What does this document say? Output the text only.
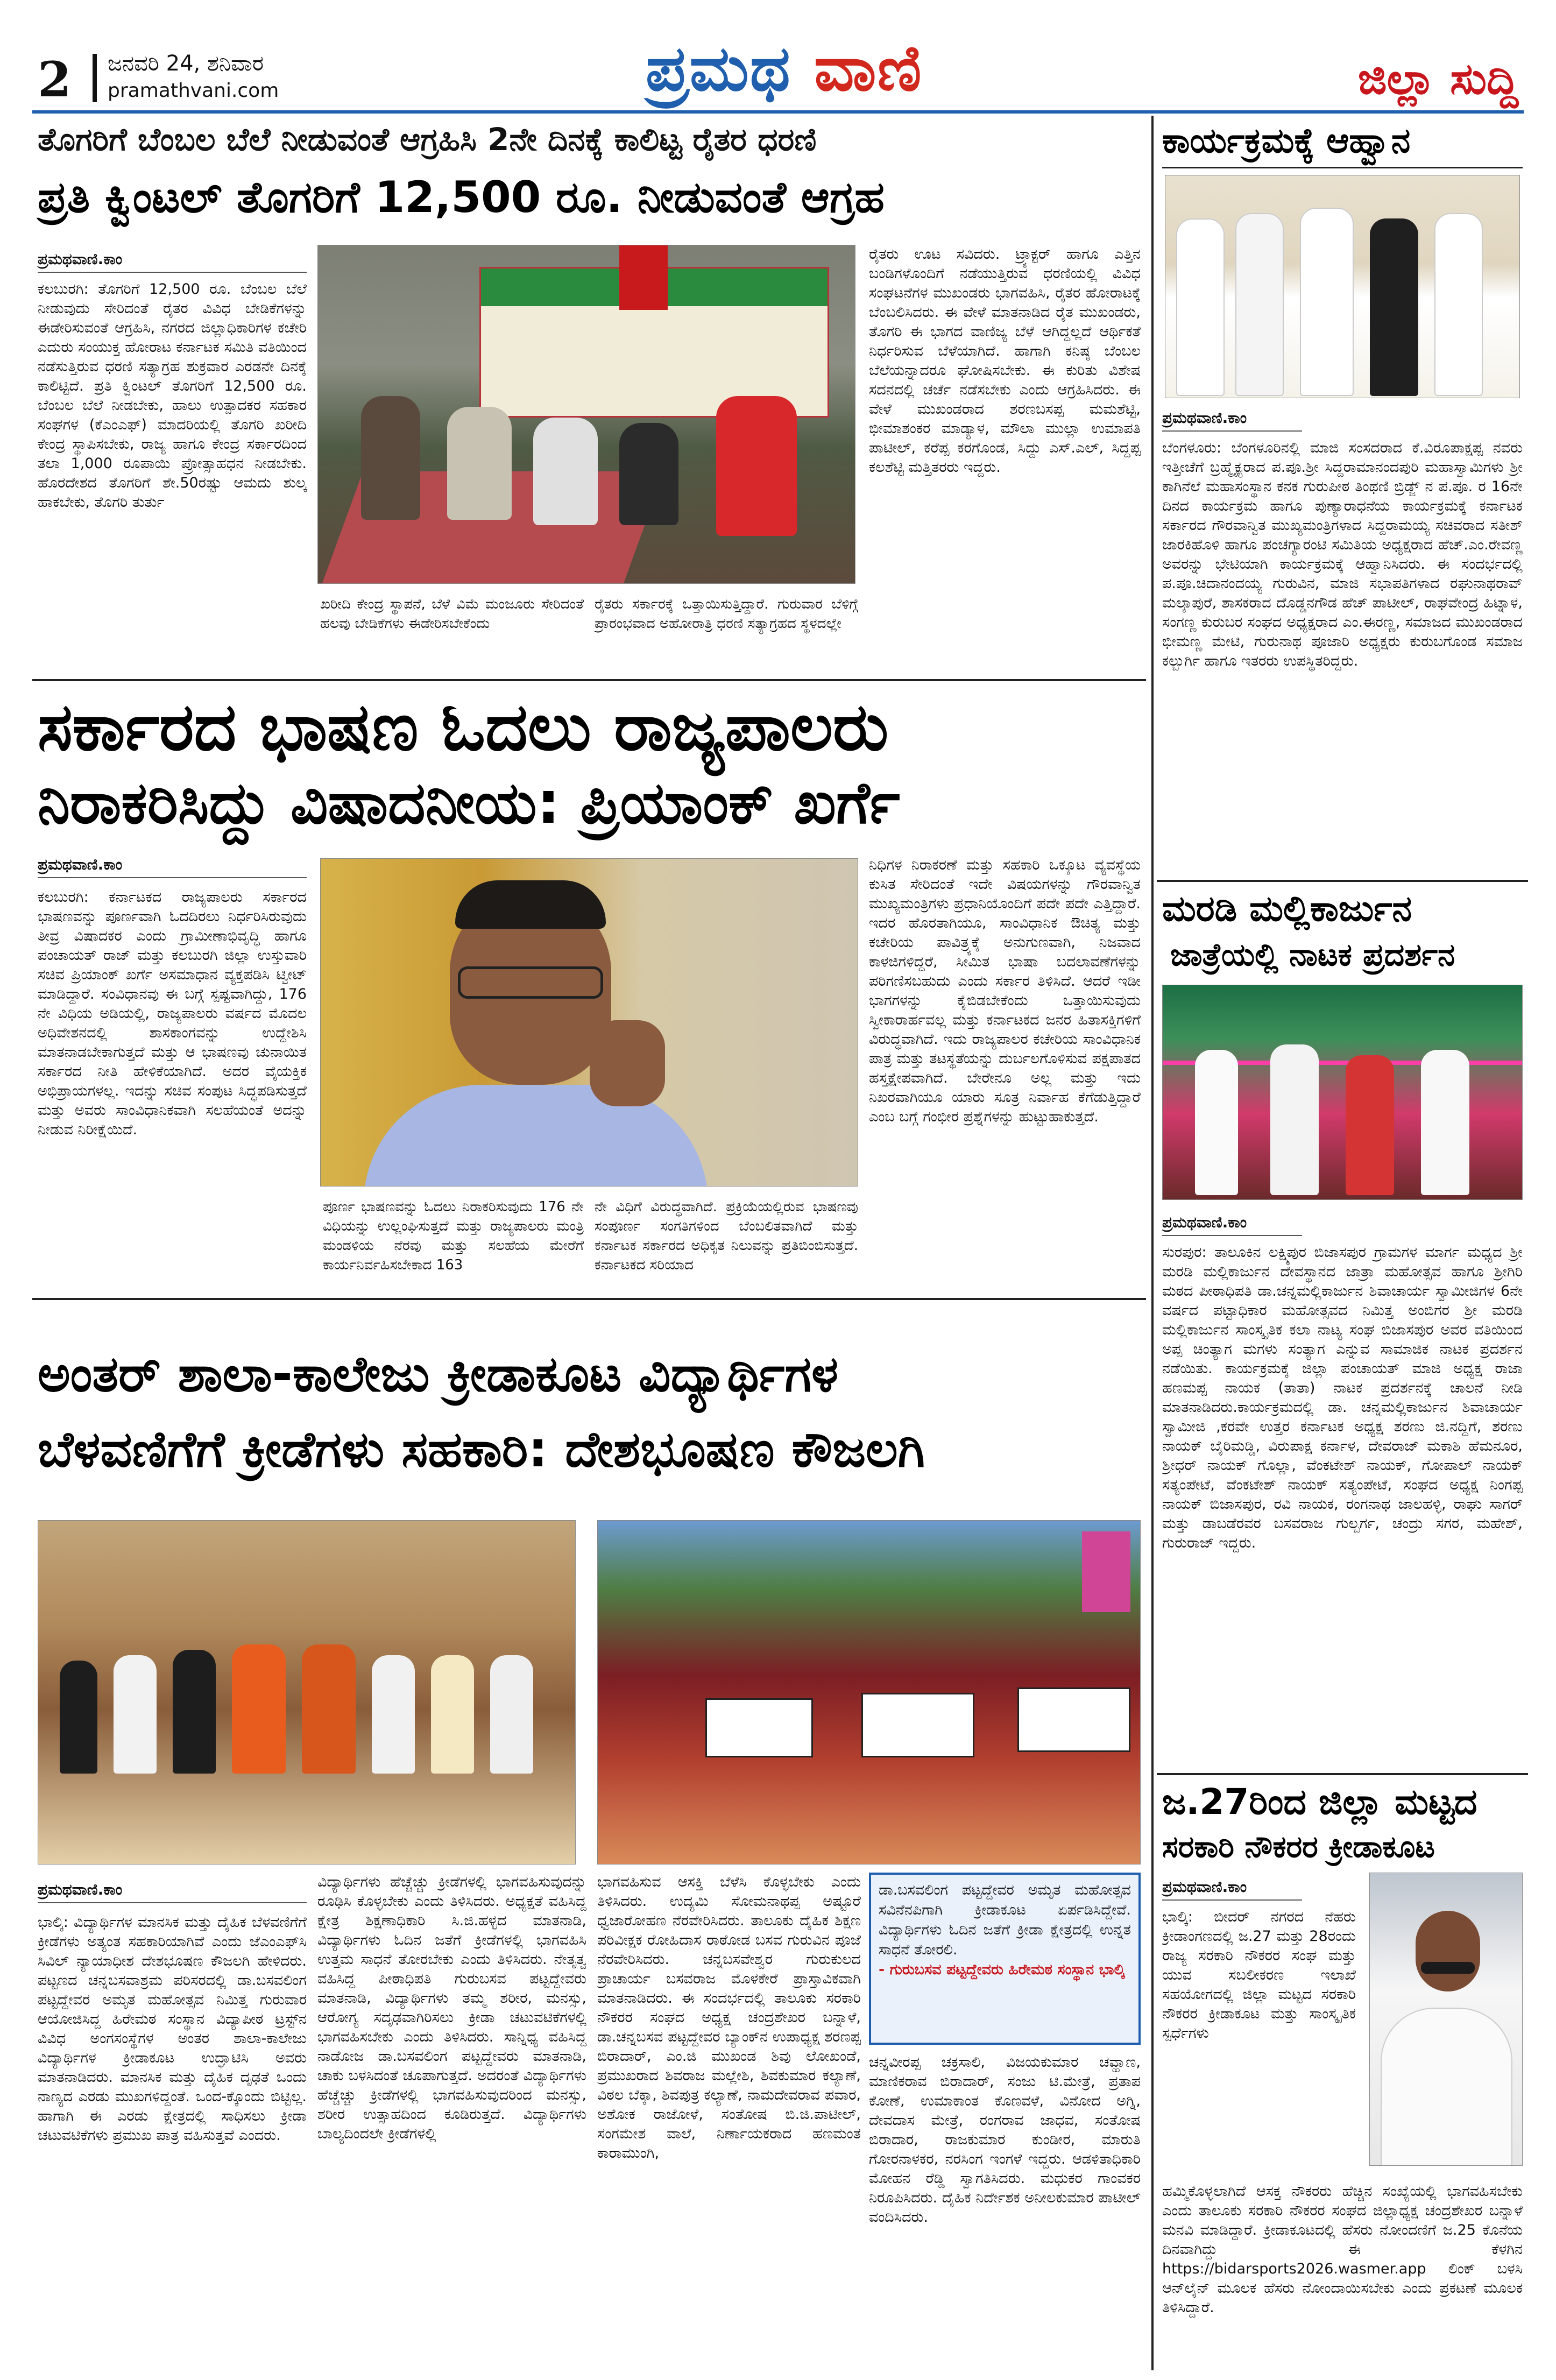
2 ಜನವರಿ 24, ಶನಿವಾರ
pramathvani.com	ಪ್ರಮಥ ವಾಣಿ	ಜಿಲ್ಲಾ ಸುದ್ದಿ
ತೊಗರಿಗೆ ಬೆಂಬಲ ಬೆಲೆ ನೀಡುವಂತೆ ಆಗ್ರಹಿಸಿ 2ನೇ ದಿನಕ್ಕೆ ಕಾಲಿಟ್ಟ ರೈತರ ಧರಣಿ
ಪ್ರತಿ ಕ್ವಿಂಟಲ್ ತೊಗರಿಗೆ 12,500 ರೂ. ನೀಡುವಂತೆ ಆಗ್ರಹ
ಪ್ರಮಥವಾಣಿ.ಕಾಂ
ಕಲಬುರಗಿ: ತೊಗರಿಗೆ 12,500 ರೂ. ಬೆಂಬಲ ಬೆಲೆ ನೀಡುವುದು ಸೇರಿದಂತೆ ರೈತರ ವಿವಿಧ ಬೇಡಿಕೆಗಳನ್ನು ಈಡೇರಿಸುವಂತೆ ಆಗ್ರಹಿಸಿ, ನಗರದ ಜಿಲ್ಲಾಧಿಕಾರಿಗಳ ಕಚೇರಿ ಎದುರು ಸಂಯುಕ್ತ ಹೋರಾಟ ಕರ್ನಾಟಕ ಸಮಿತಿ ವತಿಯಿಂದ ನಡೆಸುತ್ತಿರುವ ಧರಣಿ ಸತ್ಯಾಗ್ರಹ ಶುಕ್ರವಾರ ಎರಡನೇ ದಿನಕ್ಕೆ ಕಾಲಿಟ್ಟಿದೆ. ಪ್ರತಿ ಕ್ವಿಂಟಲ್ ತೊಗರಿಗೆ 12,500 ರೂ. ಬೆಂಬಲ ಬೆಲೆ ನೀಡಬೇಕು, ಹಾಲು ಉತ್ಪಾದಕರ ಸಹಕಾರ ಸಂಘಗಳ (ಕೆಎಂಎಫ್) ಮಾದರಿಯಲ್ಲಿ ತೊಗರಿ ಖರೀದಿ ಕೇಂದ್ರ ಸ್ಥಾಪಿಸಬೇಕು, ರಾಜ್ಯ ಹಾಗೂ ಕೇಂದ್ರ ಸರ್ಕಾರದಿಂದ ತಲಾ 1,000 ರೂಪಾಯಿ ಪ್ರೋತ್ಸಾಹಧನ ನೀಡಬೇಕು. ಹೊರದೇಶದ ತೊಗರಿಗೆ ಶೇ.50ರಷ್ಟು ಆಮದು ಶುಲ್ಕ ಹಾಕಬೇಕು, ತೊಗರಿ ತುರ್ತು
ಖರೀದಿ ಕೇಂದ್ರ ಸ್ಥಾಪನೆ, ಬೆಳೆ ವಿಮೆ ಮಂಜೂರು ಸೇರಿದಂತೆ ಹಲವು ಬೇಡಿಕೆಗಳು ಈಡೇರಿಸಬೇಕೆಂದು
ರೈತರು ಸರ್ಕಾರಕ್ಕೆ ಒತ್ತಾಯಿಸುತ್ತಿದ್ದಾರೆ. ಗುರುವಾರ ಬೆಳಿಗ್ಗೆ ಪ್ರಾರಂಭವಾದ ಅಹೋರಾತ್ರಿ ಧರಣಿ ಸತ್ಯಾಗ್ರಹದ ಸ್ಥಳದಲ್ಲೇ
ರೈತರು ಊಟ ಸವಿದರು. ಟ್ರ್ಯಾಕ್ಟರ್ ಹಾಗೂ ಎತ್ತಿನ ಬಂಡಿಗಳೊಂದಿಗೆ ನಡೆಯುತ್ತಿರುವ ಧರಣಿಯಲ್ಲಿ ವಿವಿಧ ಸಂಘಟನೆಗಳ ಮುಖಂಡರು ಭಾಗವಹಿಸಿ, ರೈತರ ಹೋರಾಟಕ್ಕೆ ಬೆಂಬಲಿಸಿದರು. ಈ ವೇಳೆ ಮಾತನಾಡಿದ ರೈತ ಮುಖಂಡರು, ತೊಗರಿ ಈ ಭಾಗದ ವಾಣಿಜ್ಯ ಬೆಳೆ ಆಗಿದ್ದಲ್ಲದೆ ಆರ್ಥಿಕತೆ ನಿರ್ಧರಿಸುವ ಬೆಳೆಯಾಗಿದೆ. ಹಾಗಾಗಿ ಕನಿಷ್ಠ ಬೆಂಬಲ ಬೆಲೆಯನ್ನಾದರೂ ಘೋಷಿಸಬೇಕು. ಈ ಕುರಿತು ವಿಶೇಷ ಸದನದಲ್ಲಿ ಚರ್ಚೆ ನಡೆಸಬೇಕು ಎಂದು ಆಗ್ರಹಿಸಿದರು. ಈ ವೇಳೆ ಮುಖಂಡರಾದ ಶರಣಬಸಪ್ಪ ಮಮಶೆಟ್ಟಿ, ಭೀಮಾಶಂಕರ ಮಾಡ್ಯಾಳ, ಮೌಲಾ ಮುಲ್ಲಾ ಉಮಾಪತಿ ಪಾಟೀಲ್, ಕರೆಪ್ಪ ಕರಗೊಂಡ, ಸಿದ್ದು ಎಸ್.ಎಲ್, ಸಿದ್ದಪ್ಪ ಕಲಶೆಟ್ಟಿ ಮತ್ತಿತರರು ಇದ್ದರು.
ಸರ್ಕಾರದ ಭಾಷಣ ಓದಲು ರಾಜ್ಯಪಾಲರು
ನಿರಾಕರಿಸಿದ್ದು ವಿಷಾದನೀಯ: ಪ್ರಿಯಾಂಕ್ ಖರ್ಗೆ
ಪ್ರಮಥವಾಣಿ.ಕಾಂ
ಕಲಬುರಗಿ: ಕರ್ನಾಟಕದ ರಾಜ್ಯಪಾಲರು ಸರ್ಕಾರದ ಭಾಷಣವನ್ನು ಪೂರ್ಣವಾಗಿ ಓದದಿರಲು ನಿರ್ಧರಿಸಿರುವುದು ತೀವ್ರ ವಿಷಾದಕರ ಎಂದು ಗ್ರಾಮೀಣಾಭಿವೃದ್ಧಿ ಹಾಗೂ ಪಂಚಾಯತ್ ರಾಜ್ ಮತ್ತು ಕಲಬುರಗಿ ಜಿಲ್ಲಾ ಉಸ್ತುವಾರಿ ಸಚಿವ ಪ್ರಿಯಾಂಕ್ ಖರ್ಗೆ ಅಸಮಾಧಾನ ವ್ಯಕ್ತಪಡಿಸಿ ಟ್ವೀಟ್ ಮಾಡಿದ್ದಾರೆ. ಸಂವಿಧಾನವು ಈ ಬಗ್ಗೆ ಸ್ಪಷ್ಟವಾಗಿದ್ದು, 176 ನೇ ವಿಧಿಯ ಅಡಿಯಲ್ಲಿ, ರಾಜ್ಯಪಾಲರು ವರ್ಷದ ಮೊದಲ ಅಧಿವೇಶನದಲ್ಲಿ ಶಾಸಕಾಂಗವನ್ನು ಉದ್ದೇಶಿಸಿ ಮಾತನಾಡಬೇಕಾಗುತ್ತದೆ ಮತ್ತು ಆ ಭಾಷಣವು ಚುನಾಯಿತ ಸರ್ಕಾರದ ನೀತಿ ಹೇಳಿಕೆಯಾಗಿದೆ. ಅದರ ವೈಯಕ್ತಿಕ ಅಭಿಪ್ರಾಯಗಳಲ್ಲ. ಇದನ್ನು ಸಚಿವ ಸಂಪುಟ ಸಿದ್ಧಪಡಿಸುತ್ತದೆ ಮತ್ತು ಅವರು ಸಾಂವಿಧಾನಿಕವಾಗಿ ಸಲಹೆಯಂತೆ ಅದನ್ನು ನೀಡುವ ನಿರೀಕ್ಷೆಯಿದೆ.
ಪೂರ್ಣ ಭಾಷಣವನ್ನು ಓದಲು ನಿರಾಕರಿಸುವುದು 176 ನೇ ವಿಧಿಯನ್ನು ಉಲ್ಲಂಘಿಸುತ್ತದೆ ಮತ್ತು ರಾಜ್ಯಪಾಲರು ಮಂತ್ರಿ ಮಂಡಳಿಯ ನೆರವು ಮತ್ತು ಸಲಹೆಯ ಮೇರೆಗೆ ಕಾರ್ಯನಿರ್ವಹಿಸಬೇಕಾದ 163
ನೇ ವಿಧಿಗೆ ವಿರುದ್ಧವಾಗಿದೆ. ಪ್ರಕ್ರಿಯೆಯಲ್ಲಿರುವ ಭಾಷಣವು ಸಂಪೂರ್ಣ ಸಂಗತಿಗಳಿಂದ ಬೆಂಬಲಿತವಾಗಿದೆ ಮತ್ತು ಕರ್ನಾಟಕ ಸರ್ಕಾರದ ಅಧಿಕೃತ ನಿಲುವನ್ನು ಪ್ರತಿಬಿಂಬಿಸುತ್ತದೆ. ಕರ್ನಾಟಕದ ಸರಿಯಾದ
ನಿಧಿಗಳ ನಿರಾಕರಣೆ ಮತ್ತು ಸಹಕಾರಿ ಒಕ್ಕೂಟ ವ್ಯವಸ್ಥೆಯ ಕುಸಿತ ಸೇರಿದಂತೆ ಇದೇ ವಿಷಯಗಳನ್ನು ಗೌರವಾನ್ವಿತ ಮುಖ್ಯಮಂತ್ರಿಗಳು ಪ್ರಧಾನಿಯೊಂದಿಗೆ ಪದೇ ಪದೇ ಎತ್ತಿದ್ದಾರೆ. ಇದರ ಹೊರತಾಗಿಯೂ, ಸಾಂವಿಧಾನಿಕ ಔಚಿತ್ಯ ಮತ್ತು ಕಚೇರಿಯ ಪಾವಿತ್ರ್ಯಕ್ಕೆ ಅನುಗುಣವಾಗಿ, ನಿಜವಾದ ಕಾಳಜಿಗಳಿದ್ದರೆ, ಸೀಮಿತ ಭಾಷಾ ಬದಲಾವಣೆಗಳನ್ನು ಪರಿಗಣಿಸಬಹುದು ಎಂದು ಸರ್ಕಾರ ತಿಳಿಸಿದೆ. ಆದರೆ ಇಡೀ ಭಾಗಗಳನ್ನು ಕೈಬಿಡಬೇಕೆಂದು ಒತ್ತಾಯಿಸುವುದು ಸ್ವೀಕಾರಾರ್ಹವಲ್ಲ ಮತ್ತು ಕರ್ನಾಟಕದ ಜನರ ಹಿತಾಸಕ್ತಿಗಳಿಗೆ ವಿರುದ್ಧವಾಗಿದೆ. ಇದು ರಾಜ್ಯಪಾಲರ ಕಚೇರಿಯ ಸಾಂವಿಧಾನಿಕ ಪಾತ್ರ ಮತ್ತು ತಟಸ್ಥತೆಯನ್ನು ದುರ್ಬಲಗೊಳಿಸುವ ಪಕ್ಷಪಾತದ ಹಸ್ತಕ್ಷೇಪವಾಗಿದೆ. ಬೇರೇನೂ ಅಲ್ಲ ಮತ್ತು ಇದು ನಿಖರವಾಗಿಯೂ ಯಾರು ಸೂತ್ರ ನಿರ್ವಾಹ ಕೆಗೆಡುತ್ತಿದ್ದಾರೆ ಎಂಬ ಬಗ್ಗೆ ಗಂಭೀರ ಪ್ರಶ್ನೆಗಳನ್ನು ಹುಟ್ಟುಹಾಕುತ್ತದೆ.
ಅಂತರ್ ಶಾಲಾ-ಕಾಲೇಜು ಕ್ರೀಡಾಕೂಟ ವಿದ್ಯಾರ್ಥಿಗಳ
ಬೆಳವಣಿಗೆಗೆ ಕ್ರೀಡೆಗಳು ಸಹಕಾರಿ: ದೇಶಭೂಷಣ ಕೌಜಲಗಿ
ಪ್ರಮಥವಾಣಿ.ಕಾಂ
ಭಾಲ್ಕಿ: ವಿದ್ಯಾರ್ಥಿಗಳ ಮಾನಸಿಕ ಮತ್ತು ದೈಹಿಕ ಬೆಳವಣಿಗೆಗೆ ಕ್ರೀಡೆಗಳು ಅತ್ಯಂತ ಸಹಕಾರಿಯಾಗಿವೆ ಎಂದು ಜೆಎಂಎಫ್‌ಸಿ ಸಿವಿಲ್ ನ್ಯಾಯಾಧೀಶ ದೇಶಭೂಷಣ ಕೌಜಲಗಿ ಹೇಳಿದರು. ಪಟ್ಟಣದ ಚನ್ನಬಸವಾಶ್ರಮ ಪರಿಸರದಲ್ಲಿ ಡಾ.ಬಸವಲಿಂಗ ಪಟ್ಟದ್ದೇವರ ಅಮೃತ ಮಹೋತ್ಸವ ನಿಮಿತ್ತ ಗುರುವಾರ ಆಯೋಜಿಸಿದ್ದ ಹಿರೇಮಠ ಸಂಸ್ಥಾನ ವಿದ್ಯಾಪೀಠ ಟ್ರಸ್ಟ್‌ನ ವಿವಿಧ ಅಂಗಸಂಸ್ಥೆಗಳ ಅಂತರ ಶಾಲಾ-ಕಾಲೇಜು ವಿದ್ಯಾರ್ಥಿಗಳ ಕ್ರೀಡಾಕೂಟ ಉದ್ಘಾಟಿಸಿ ಅವರು ಮಾತನಾಡಿದರು. ಮಾನಸಿಕ ಮತ್ತು ದೈಹಿಕ ದೃಢತೆ ಒಂದು ನಾಣ್ಯದ ಎರಡು ಮುಖಗಳಿದ್ದಂತೆ. ಒಂದ-ಕ್ಕೊಂದು ಬಿಟ್ಟಿಲ್ಲ. ಹಾಗಾಗಿ ಈ ಎರಡು ಕ್ಷೇತ್ರದಲ್ಲಿ ಸಾಧಿಸಲು ಕ್ರೀಡಾ ಚಟುವಟಿಕೆಗಳು ಪ್ರಮುಖ ಪಾತ್ರ ವಹಿಸುತ್ತವೆ ಎಂದರು.
ವಿದ್ಯಾರ್ಥಿಗಳು ಹೆಚ್ಚೆಚ್ಚು ಕ್ರೀಡೆಗಳಲ್ಲಿ ಭಾಗವಹಿಸುವುದನ್ನು ರೂಢಿಸಿ ಕೊಳ್ಳಬೇಕು ಎಂದು ತಿಳಿಸಿದರು. ಅಧ್ಯಕ್ಷತೆ ವಹಿಸಿದ್ದ ಕ್ಷೇತ್ರ ಶಿಕ್ಷಣಾಧಿಕಾರಿ ಸಿ.ಜಿ.ಹಳ್ಳದ ಮಾತನಾಡಿ, ವಿದ್ಯಾರ್ಥಿಗಳು ಓದಿನ ಜತೆಗೆ ಕ್ರೀಡೆಗಳಲ್ಲಿ ಭಾಗವಹಿಸಿ ಉತ್ತಮ ಸಾಧನೆ ತೋರಬೇಕು ಎಂದು ತಿಳಿಸಿದರು. ನೇತೃತ್ವ ವಹಿಸಿದ್ದ ಪೀಠಾಧಿಪತಿ ಗುರುಬಸವ ಪಟ್ಟದ್ದೇವರು ಮಾತನಾಡಿ, ವಿದ್ಯಾರ್ಥಿಗಳು ತಮ್ಮ ಶರೀರ, ಮನಸ್ಸು, ಆರೋಗ್ಯ ಸದೃಢವಾಗಿರಿಸಲು ಕ್ರೀಡಾ ಚಟುವಟಿಕೆಗಳಲ್ಲಿ ಭಾಗವಹಿಸಬೇಕು ಎಂದು ತಿಳಿಸಿದರು. ಸಾನ್ನಿಧ್ಯ ವಹಿಸಿದ್ದ ನಾಡೋಜ ಡಾ.ಬಸವಲಿಂಗ ಪಟ್ಟದ್ದೇವರು ಮಾತನಾಡಿ, ಚಾಕು ಬಳಸಿದಂತೆ ಚೂಪಾಗುತ್ತದೆ. ಅದರಂತೆ ವಿದ್ಯಾರ್ಥಿಗಳು ಹೆಚ್ಚೆಚ್ಚು ಕ್ರೀಡೆಗಳಲ್ಲಿ ಭಾಗವಹಿಸುವುದರಿಂದ ಮನಸ್ಸು, ಶರೀರ ಉತ್ಸಾಹದಿಂದ ಕೂಡಿರುತ್ತದೆ. ವಿದ್ಯಾರ್ಥಿಗಳು ಬಾಲ್ಯದಿಂದಲೇ ಕ್ರೀಡೆಗಳಲ್ಲಿ
ಭಾಗವಹಿಸುವ ಆಸಕ್ತಿ ಬೆಳೆಸಿ ಕೊಳ್ಳಬೇಕು ಎಂದು ತಿಳಿಸಿದರು. ಉದ್ಯಮಿ ಸೋಮನಾಥಪ್ಪ ಅಷ್ಟೂರೆ ಧ್ವಜಾರೋಹಣ ನೆರವೇರಿಸಿದರು. ತಾಲೂಕು ದೈಹಿಕ ಶಿಕ್ಷಣ ಪರಿವೀಕ್ಷಕ ರೋಹಿದಾಸ ರಾಠೋಡ ಬಸವ ಗುರುವಿನ ಪೂಜೆ ನೆರವೇರಿಸಿದರು. ಚನ್ನಬಸವೇಶ್ವರ ಗುರುಕುಲದ ಪ್ರಾಚಾರ್ಯ ಬಸವರಾಜ ಮೊಳಕೇರೆ ಪ್ರಾಸ್ತಾವಿಕವಾಗಿ ಮಾತನಾಡಿದರು. ಈ ಸಂದರ್ಭದಲ್ಲಿ ತಾಲೂಕು ಸರಕಾರಿ ನೌಕರರ ಸಂಘದ ಅಧ್ಯಕ್ಷ ಚಂದ್ರಶೇಖರ ಬನ್ನಾಳೆ, ಡಾ.ಚನ್ನಬಸವ ಪಟ್ಟದ್ದೇವರ ಬ್ಯಾಂಕ್‌ನ ಉಪಾಧ್ಯಕ್ಷ ಶರಣಪ್ಪ ಬಿರಾದಾರ್, ಎಂ.ಜಿ ಮುಖಂಡ ಶಿವು ಲೋಖಂಡೆ, ಪ್ರಮುಖರಾದ ಶಿವರಾಜ ಮಲ್ಲೇಶಿ, ಶಿವಕುಮಾರ ಕಲ್ಯಾಣೆ, ವಿಠಲ ಬೆಕ್ಕಾ, ಶಿವಪುತ್ರ ಕಲ್ಯಾಣೆ, ನಾಮದೇವರಾವ ಪವಾರ, ಅಶೋಕ ರಾಜೋಳೆ, ಸಂತೋಷ ಬಿ.ಜಿ.ಪಾಟೀಲ್, ಸಂಗಮೇಶ ವಾಲೆ, ನಿರ್ಣಾಯಕರಾದ ಹಣಮಂತ ಕಾರಾಮುಂಗಿ,
ಡಾ.ಬಸವಲಿಂಗ ಪಟ್ಟದ್ದೇವರ ಅಮೃತ ಮಹೋತ್ಸವ ಸವಿನೆನಪಿಗಾಗಿ ಕ್ರೀಡಾಕೂಟ ಏರ್ಪಡಿಸಿದ್ದೇವೆ. ವಿದ್ಯಾರ್ಥಿಗಳು ಓದಿನ ಜತೆಗೆ ಕ್ರೀಡಾ ಕ್ಷೇತ್ರದಲ್ಲಿ ಉನ್ನತ ಸಾಧನೆ ತೋರಲಿ.
- ಗುರುಬಸವ ಪಟ್ಟದ್ದೇವರು ಹಿರೇಮಠ ಸಂಸ್ಥಾನ ಭಾಲ್ಕಿ
ಚನ್ನವೀರಪ್ಪ ಚಕ್ರಸಾಲಿ, ವಿಜಯಕುಮಾರ ಚವ್ಹಾಣ, ಮಾಣಿಕರಾವ ಬಿರಾದಾರ್, ಸಂಜು ಟಿ.ಮೇತ್ರೆ, ಪ್ರತಾಪ ಕೋಣೆ, ಉಮಾಕಾಂತ ಕೊಣವಳೆ, ವಿನೋದ ಅಗ್ನಿ, ದೇವದಾಸ ಮೇತ್ರೆ, ರಂಗರಾವ ಜಾಧವ, ಸಂತೋಷ ಬಿರಾದಾರ, ರಾಜಕುಮಾರ ಕುಂಡೀರ, ಮಾರುತಿ ಗೋರನಾಳಕರ, ನರಸಿಂಗ ಇಂಗಳೆ ಇದ್ದರು. ಆಡಳಿತಾಧಿಕಾರಿ ಮೋಹನ ರೆಡ್ಡಿ ಸ್ವಾಗತಿಸಿದರು. ಮಧುಕರ ಗಾಂವಕರ ನಿರೂಪಿಸಿದರು. ದೈಹಿಕ ನಿರ್ದೇಶಕ ಅನೀಲಕುಮಾರ ಪಾಟೀಲ್ ವಂದಿಸಿದರು.
ಕಾರ್ಯಕ್ರಮಕ್ಕೆ ಆಹ್ವಾನ
ಪ್ರಮಥವಾಣಿ.ಕಾಂ
ಬೆಂಗಳೂರು: ಬೆಂಗಳೂರಿನಲ್ಲಿ ಮಾಜಿ ಸಂಸದರಾದ ಕೆ.ವಿರೂಪಾಕ್ಷಪ್ಪ ನವರು ಇತ್ತೀಚೆಗೆ ಬ್ರಹ್ಮೈಕ್ಯರಾದ ಪ.ಪೂ.ಶ್ರೀ ಸಿದ್ದರಾಮಾನಂದಪುರಿ ಮಹಾಸ್ವಾಮಿಗಳು ಶ್ರೀ ಕಾಗಿನೆಲೆ ಮಹಾಸಂಸ್ಥಾನ ಕನಕ ಗುರುಪೀಠ ತಿಂಥಣಿ ಬ್ರಿಡ್ಜ್ ನ ಪ.ಪೂ. ರ 16ನೇ ದಿನದ ಕಾರ್ಯಕ್ರಮ ಹಾಗೂ ಪುಣ್ಯಾರಾಧನೆಯ ಕಾರ್ಯಕ್ರಮಕ್ಕೆ ಕರ್ನಾಟಕ ಸರ್ಕಾರದ ಗೌರವಾನ್ವಿತ ಮುಖ್ಯಮಂತ್ರಿಗಳಾದ ಸಿದ್ದರಾಮಯ್ಯ ಸಚಿವರಾದ ಸತೀಶ್ ಜಾರಕಿಹೊಳಿ ಹಾಗೂ ಪಂಚಗ್ಯಾರಂಟಿ ಸಮಿತಿಯ ಅಧ್ಯಕ್ಷರಾದ ಹೆಚ್.ಎಂ.ರೇವಣ್ಣ ಅವರನ್ನು ಭೇಟಿಯಾಗಿ ಕಾರ್ಯಕ್ರಮಕ್ಕೆ ಆಹ್ವಾನಿಸಿದರು. ಈ ಸಂದರ್ಭದಲ್ಲಿ ಪ.ಪೂ.ಚಿದಾನಂದಯ್ಯ ಗುರುವಿನ, ಮಾಜಿ ಸಭಾಪತಿಗಳಾದ ರಘುನಾಥರಾವ್ ಮಲ್ಕಾಪುರೆ, ಶಾಸಕರಾದ ದೊಡ್ಡನಗೌಡ ಹೆಚ್ ಪಾಟೀಲ್, ರಾಘವೇಂದ್ರ ಹಿಟ್ನಾಳ, ಸಂಗಣ್ಣ ಕುರುಬರ ಸಂಘದ ಅಧ್ಯಕ್ಷರಾದ ಎಂ.ಈರಣ್ಣ, ಸಮಾಜದ ಮುಖಂಡರಾದ ಭೀಮಣ್ಣ ಮೇಟಿ, ಗುರುನಾಥ ಪೂಜಾರಿ ಅಧ್ಯಕ್ಷರು ಕುರುಬಗೊಂಡ ಸಮಾಜ ಕಲ್ಬುರ್ಗಿ ಹಾಗೂ ಇತರರು ಉಪಸ್ಥಿತರಿದ್ದರು.
ಮರಡಿ ಮಲ್ಲಿಕಾರ್ಜುನ
ಜಾತ್ರೆಯಲ್ಲಿ ನಾಟಕ ಪ್ರದರ್ಶನ
ಪ್ರಮಥವಾಣಿ.ಕಾಂ
ಸುರಪುರ: ತಾಲೂಕಿನ ಲಕ್ಷ್ಮಿಪುರ ಬಿಜಾಸಪುರ ಗ್ರಾಮಗಳ ಮಾರ್ಗ ಮಧ್ಯದ ಶ್ರೀ ಮರಡಿ ಮಲ್ಲಿಕಾರ್ಜುನ ದೇವಸ್ಥಾನದ ಜಾತ್ರಾ ಮಹೋತ್ಸವ ಹಾಗೂ ಶ್ರೀಗಿರಿ ಮಠದ ಪೀಠಾಧಿಪತಿ ಡಾ.ಚನ್ನಮಲ್ಲಿಕಾರ್ಜುನ ಶಿವಾಚಾರ್ಯ ಸ್ವಾಮೀಜಿಗಳ 6ನೇ ವರ್ಷದ ಪಟ್ಟಾಧಿಕಾರ ಮಹೋತ್ಸವದ ನಿಮಿತ್ತ ಅಂಬಿಗರ ಶ್ರೀ ಮರಡಿ ಮಲ್ಲಿಕಾರ್ಜುನ ಸಾಂಸ್ಕೃತಿಕ ಕಲಾ ನಾಟ್ಯ ಸಂಘ ಬಿಜಾಸಪುರ ಅವರ ವತಿಯಿಂದ ಅಪ್ಪ ಚಿಂತ್ಯಾಗ ಮಗಳು ಸಂತ್ಯಾಗ ಎನ್ನುವ ಸಾಮಾಜಿಕ ನಾಟಕ ಪ್ರದರ್ಶನ ನಡೆಯಿತು. ಕಾರ್ಯಕ್ರಮಕ್ಕೆ ಜಿಲ್ಲಾ ಪಂಚಾಯತ್ ಮಾಜಿ ಅಧ್ಯಕ್ಷ ರಾಜಾ ಹಣಮಪ್ಪ ನಾಯಕ (ತಾತಾ) ನಾಟಕ ಪ್ರದರ್ಶನಕ್ಕೆ ಚಾಲನೆ ನೀಡಿ ಮಾತನಾಡಿದರು.ಕಾರ್ಯಕ್ರಮದಲ್ಲಿ ಡಾ. ಚನ್ನಮಲ್ಲಿಕಾರ್ಜುನ ಶಿವಾಚಾರ್ಯ ಸ್ವಾಮೀಜಿ ,ಕರವೇ ಉತ್ತರ ಕರ್ನಾಟಕ ಅಧ್ಯಕ್ಷ ಶರಣು ಜಿ.ನದ್ದಿಗೆ, ಶರಣು ನಾಯಕ್ ಬೈರಿಮಡ್ಡಿ, ವಿರುಪಾಕ್ಷ ಕರ್ನಾಳ, ದೇವರಾಜ್ ಮಕಾಶಿ ಹೆಮನೂರ, ಶ್ರೀಧರ್ ನಾಯಕ್ ಗೊಲ್ಲಾ, ವೆಂಕಟೇಶ್ ನಾಯಕ್, ಗೋಪಾಲ್ ನಾಯಕ್ ಸತ್ಯಂಪೇಟೆ, ವೆಂಕಟೇಶ್ ನಾಯಕ್ ಸತ್ಯಂಪೇಟೆ, ಸಂಘದ ಅಧ್ಯಕ್ಷ ನಿಂಗಪ್ಪ ನಾಯಕ್ ಬಿಜಾಸಪುರ, ರವಿ ನಾಯಕ, ರಂಗನಾಥ ಜಾಲಹಳ್ಳಿ, ರಾಘು ಸಾಗರ್ ಮತ್ತು ಡಾಬಡೆರವರ ಬಸವರಾಜ ಗುಲ್ಬರ್ಗ, ಚಂದ್ರು ಸಗರ, ಮಹೇಶ್, ಗುರುರಾಜ್ ಇದ್ದರು.
ಜ.27ರಿಂದ ಜಿಲ್ಲಾ ಮಟ್ಟದ
ಸರಕಾರಿ ನೌಕರರ ಕ್ರೀಡಾಕೂಟ
ಪ್ರಮಥವಾಣಿ.ಕಾಂ
ಭಾಲ್ಕಿ: ಬೀದರ್ ನಗರದ ನೆಹರು ಕ್ರೀಡಾಂಗಣದಲ್ಲಿ ಜ.27 ಮತ್ತು 28ರಂದು ರಾಜ್ಯ ಸರಕಾರಿ ನೌಕರರ ಸಂಘ ಮತ್ತು ಯುವ ಸಬಲೀಕರಣ ಇಲಾಖೆ ಸಹಯೋಗದಲ್ಲಿ ಜಿಲ್ಲಾ ಮಟ್ಟದ ಸರಕಾರಿ ನೌಕರರ ಕ್ರೀಡಾಕೂಟ ಮತ್ತು ಸಾಂಸ್ಕೃತಿಕ ಸ್ಪರ್ಧೆಗಳು
ಹಮ್ಮಿಕೊಳ್ಳಲಾಗಿದೆ ಆಸಕ್ತ ನೌಕರರು ಹೆಚ್ಚಿನ ಸಂಖ್ಯೆಯಲ್ಲಿ ಭಾಗವಹಿಸಬೇಕು ಎಂದು ತಾಲೂಕು ಸರಕಾರಿ ನೌಕರರ ಸಂಘದ ಜಿಲ್ಲಾಧ್ಯಕ್ಷ ಚಂದ್ರಶೇಖರ ಬನ್ನಾಳೆ ಮನವಿ ಮಾಡಿದ್ದಾರೆ. ಕ್ರೀಡಾಕೂಟದಲ್ಲಿ ಹೆಸರು ನೋಂದಣಿಗೆ ಜ.25 ಕೊನೆಯ ದಿನವಾಗಿದ್ದು ಈ ಕೆಳಗಿನ https://bidarsports2026.wasmer.app ಲಿಂಕ್ ಬಳಸಿ ಆನ್‌ಲೈನ್ ಮೂಲಕ ಹೆಸರು ನೋಂದಾಯಿಸಬೇಕು ಎಂದು ಪ್ರಕಟಣೆ ಮೂಲಕ ತಿಳಿಸಿದ್ದಾರೆ.
